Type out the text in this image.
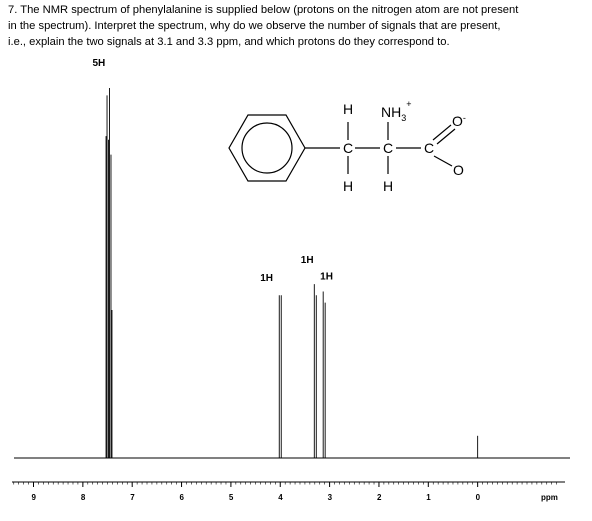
7. The NMR spectrum of phenylalanine is supplied below (protons on the nitrogen atom are not present

in the spectrum). Interpret the spectrum, why do we observe the number of signals that are present,

i.e., explain the two signals at 3.1 and 3.3 ppm, and which protons do they correspond to.

H $NH_3^+$
C C C
O-
O
H H
5H
1H
1H
1H
9	8	7	6	5	4	3	2	1	0	ppm
